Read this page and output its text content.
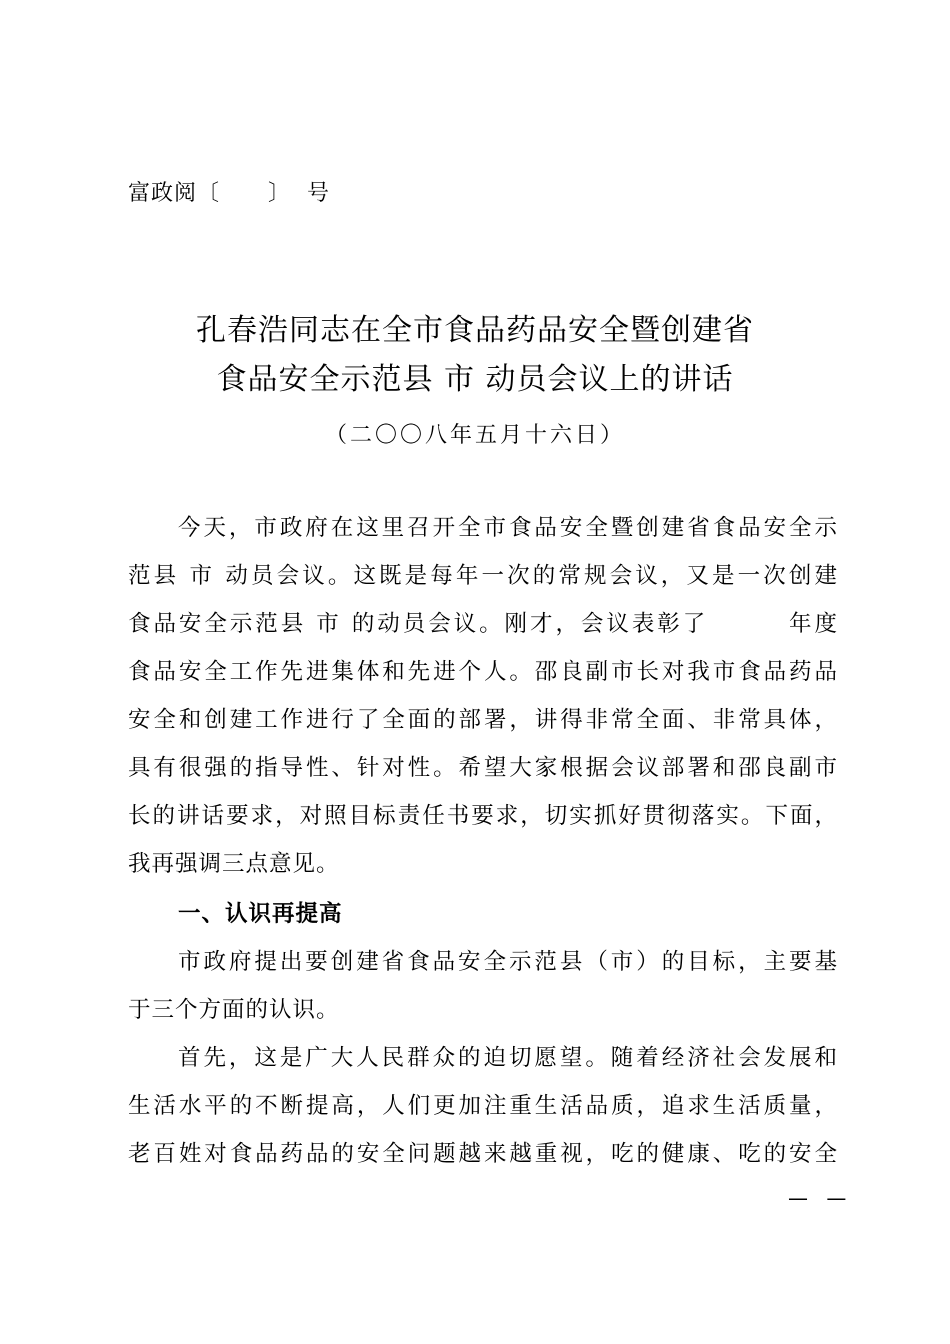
富政阅〔      〕  号
孔春浩同志在全市食品药品安全暨创建省
食品安全示范县 市 动员会议上的讲话
（二〇〇八年五月十六日）
今天，市政府在这里召开全市食品安全暨创建省食品安全示
范县 市 动员会议。这既是每年一次的常规会议，又是一次创建
食品安全示范县 市 的动员会议。刚才，会议表彰了        年度
食品安全工作先进集体和先进个人。邵良副市长对我市食品药品
安全和创建工作进行了全面的部署，讲得非常全面、非常具体，
具有很强的指导性、针对性。希望大家根据会议部署和邵良副市
长的讲话要求，对照目标责任书要求，切实抓好贯彻落实。下面，
我再强调三点意见。
一、认识再提高
市政府提出要创建省食品安全示范县（市）的目标，主要基
于三个方面的认识。
首先，这是广大人民群众的迫切愿望。随着经济社会发展和
生活水平的不断提高，人们更加注重生活品质，追求生活质量，
老百姓对食品药品的安全问题越来越重视，吃的健康、吃的安全
— —
